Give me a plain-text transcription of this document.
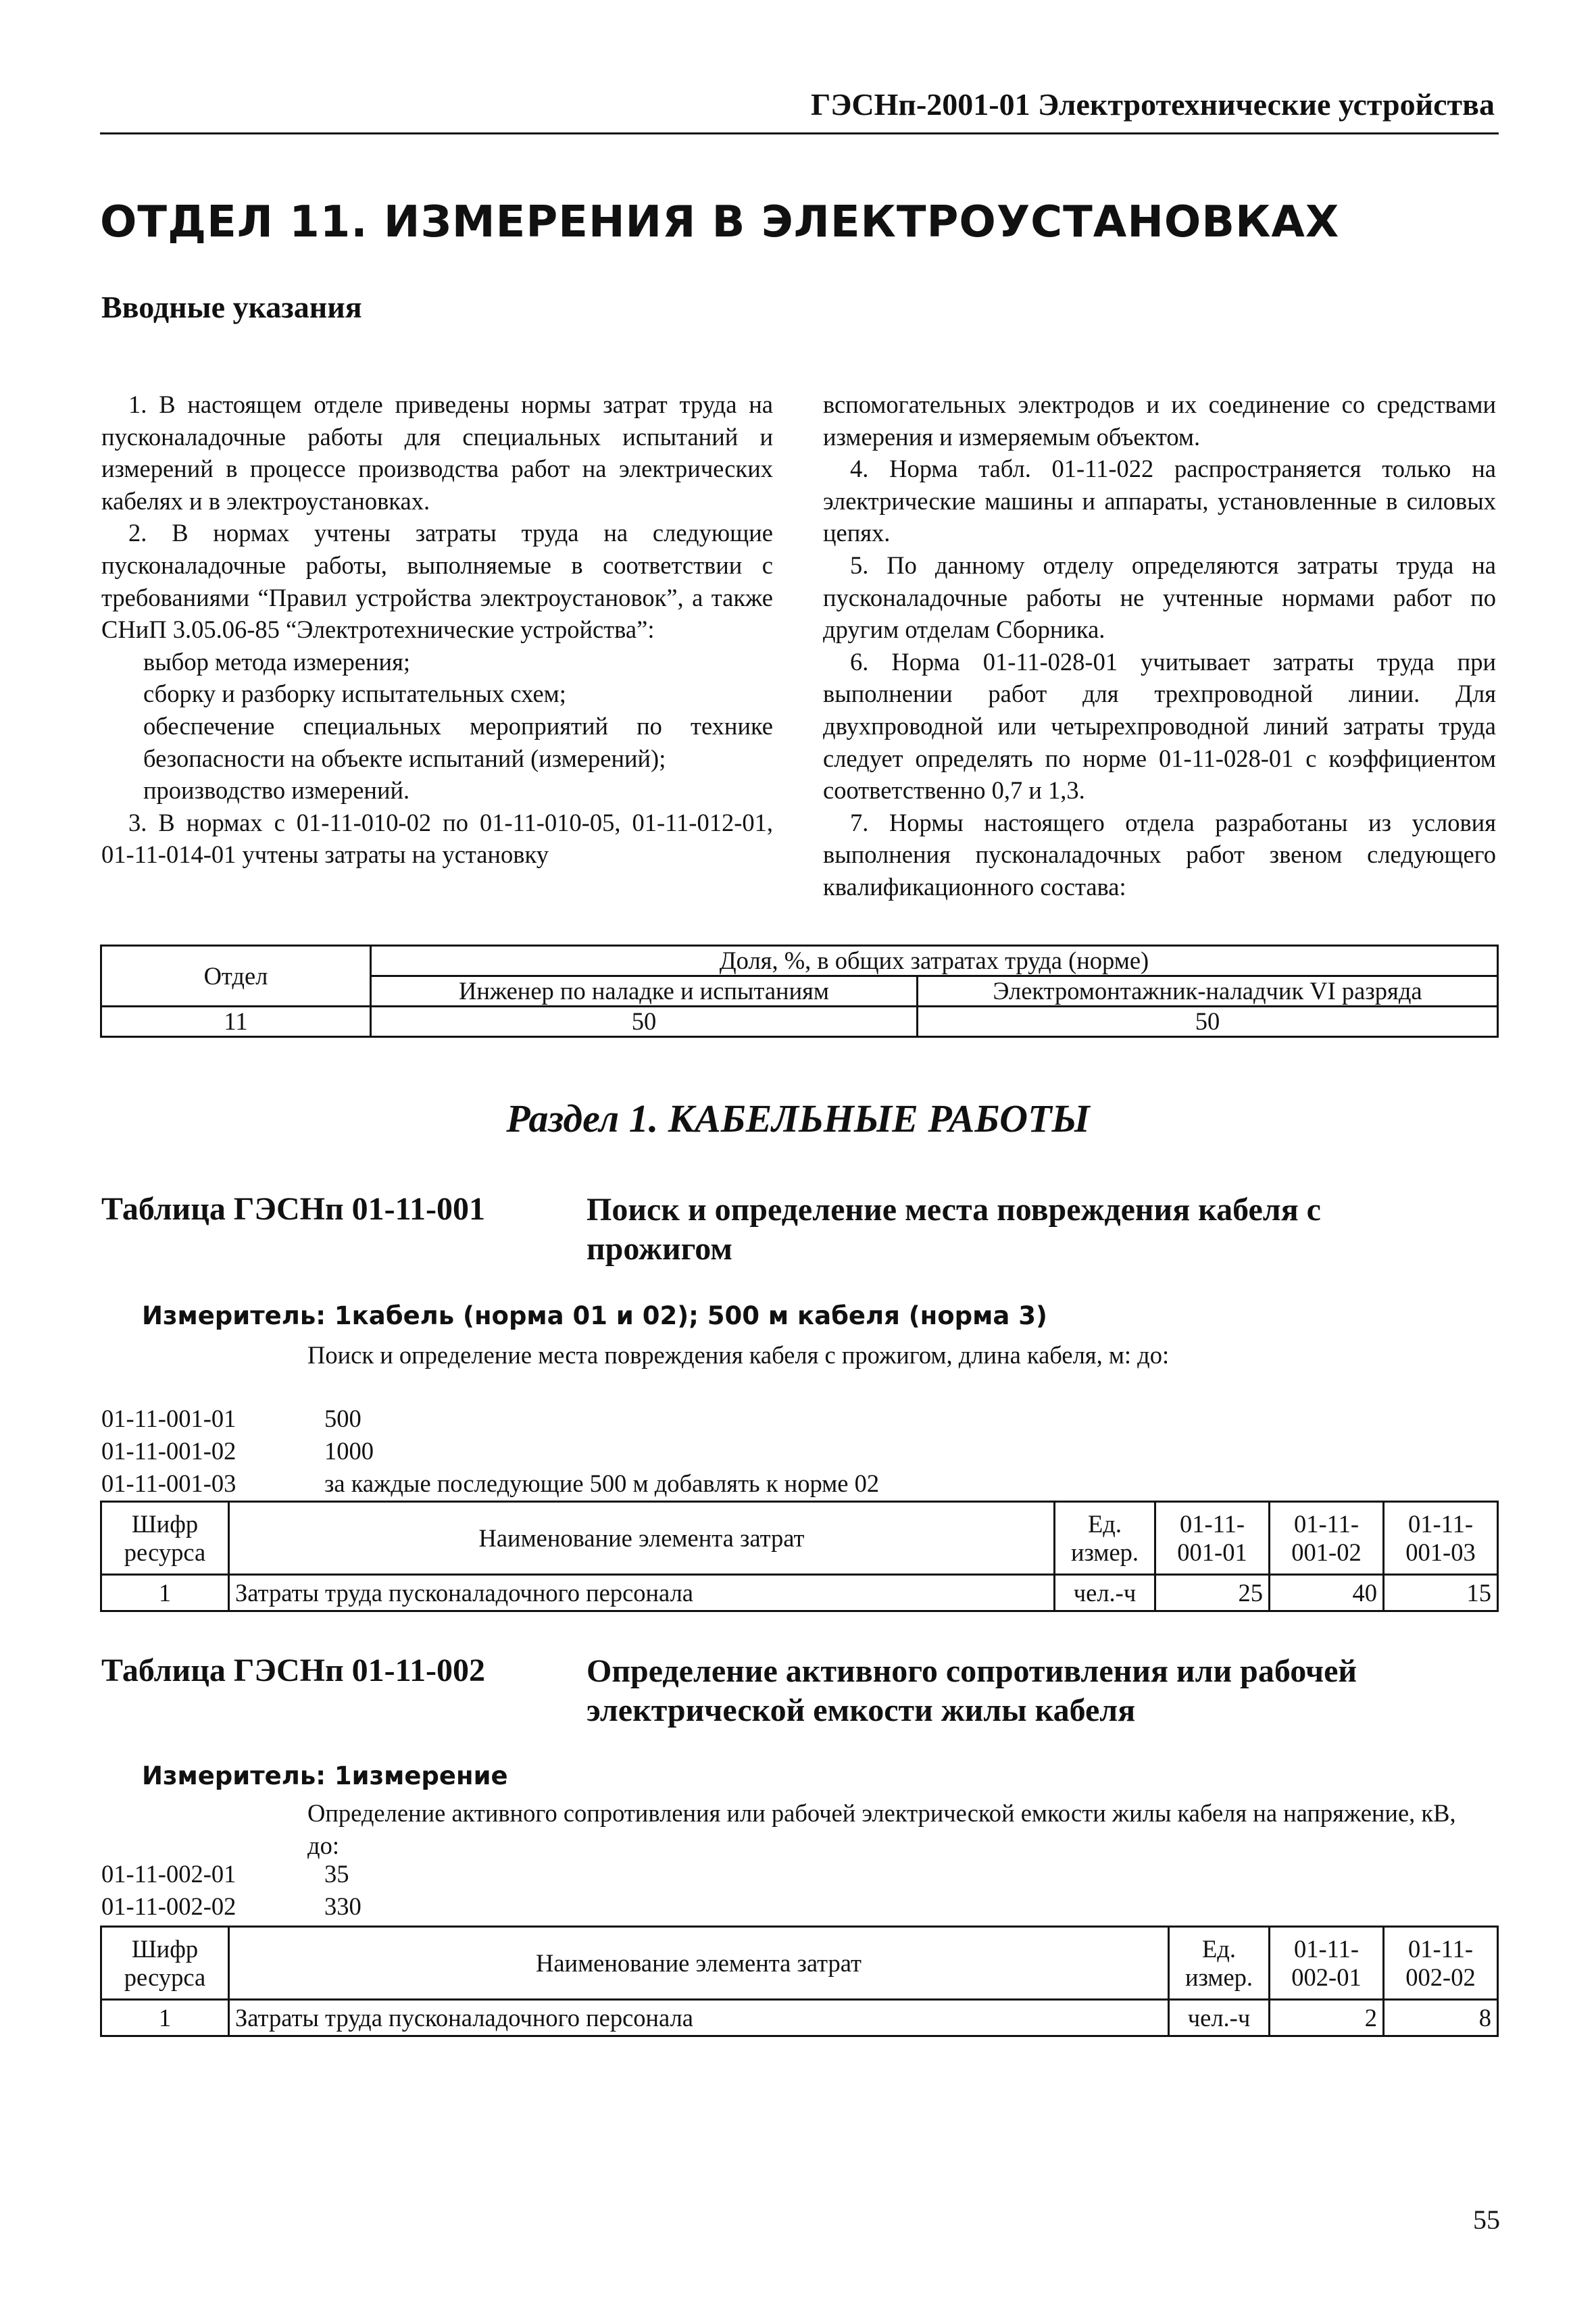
ГЭСНп-2001-01 Электротехнические устройства
ОТДЕЛ 11. ИЗМЕРЕНИЯ В ЭЛЕКТРОУСТАНОВКАХ
Вводные указания

1. В настоящем отделе приведены нормы затрат труда на пусконаладочные работы для специальных испытаний и измерений в процессе производства работ на электрических кабелях и в электроустановках.

2. В нормах учтены затраты труда на следующие пусконаладочные работы, выполняемые в соответствии с требованиями “Правил устройства электроустановок”, а также СНиП 3.05.06-85 “Электротехнические устройства”:

выбор метода измерения;

сборку и разборку испытательных схем;

обеспечение специальных мероприятий по технике безопасности на объекте испытаний (измерений);

производство измерений.

3. В нормах с 01-11-010-02 по 01-11-010-05, 01-11-012-01, 01-11-014-01 учтены затраты на установку

вспомогательных электродов и их соединение со средствами измерения и измеряемым объектом.

4. Норма табл. 01-11-022 распространяется только на электрические машины и аппараты, установленные в силовых цепях.

5. По данному отделу определяются затраты труда на пусконаладочные работы не учтенные нормами работ по другим отделам Сборника.

6. Норма 01-11-028-01 учитывает затраты труда при выполнении работ для трехпроводной линии. Для двухпроводной или четырехпроводной линий затраты труда следует определять по норме 01-11-028-01 с коэффициентом соответственно 0,7 и 1,3.

7. Нормы настоящего отдела разработаны из условия выполнения пусконаладочных работ звеном следующего квалификационного состава:

Отдел	Доля, %, в общих затратах труда (норме)	
	Инженер по наладке и испытаниям	Электромонтажник-наладчик VI разряда
11	50	50
Раздел 1. КАБЕЛЬНЫЕ РАБОТЫ
Таблица ГЭСНп 01-11-001	Поиск и определение места повреждения кабеля с прожигом
Измеритель: 1кабель (норма 01 и 02); 500 м кабеля (норма 3)
Поиск и определение места повреждения кабеля с прожигом, длина кабеля, м: до:
01-11-001-01	500
01-11-001-02	1000
01-11-001-03	за каждые последующие 500 м добавлять к норме 02
Шифр ресурса	Наименование элемента затрат	Ед. измер.	01-11-001-01	01-11-001-02	01-11-001-03
1	Затраты труда пусконаладочного персонала	чел.-ч	25	40	15
Таблица ГЭСНп 01-11-002	Определение активного сопротивления или рабочей электрической емкости жилы кабеля
Измеритель: 1измерение
Определение активного сопротивления или рабочей электрической емкости жилы кабеля на напряжение, кВ, до:
01-11-002-01	35
01-11-002-02	330
Шифр ресурса	Наименование элемента затрат	Ед. измер.	01-11-002-01	01-11-002-02
1	Затраты труда пусконаладочного персонала	чел.-ч	2	8
55
